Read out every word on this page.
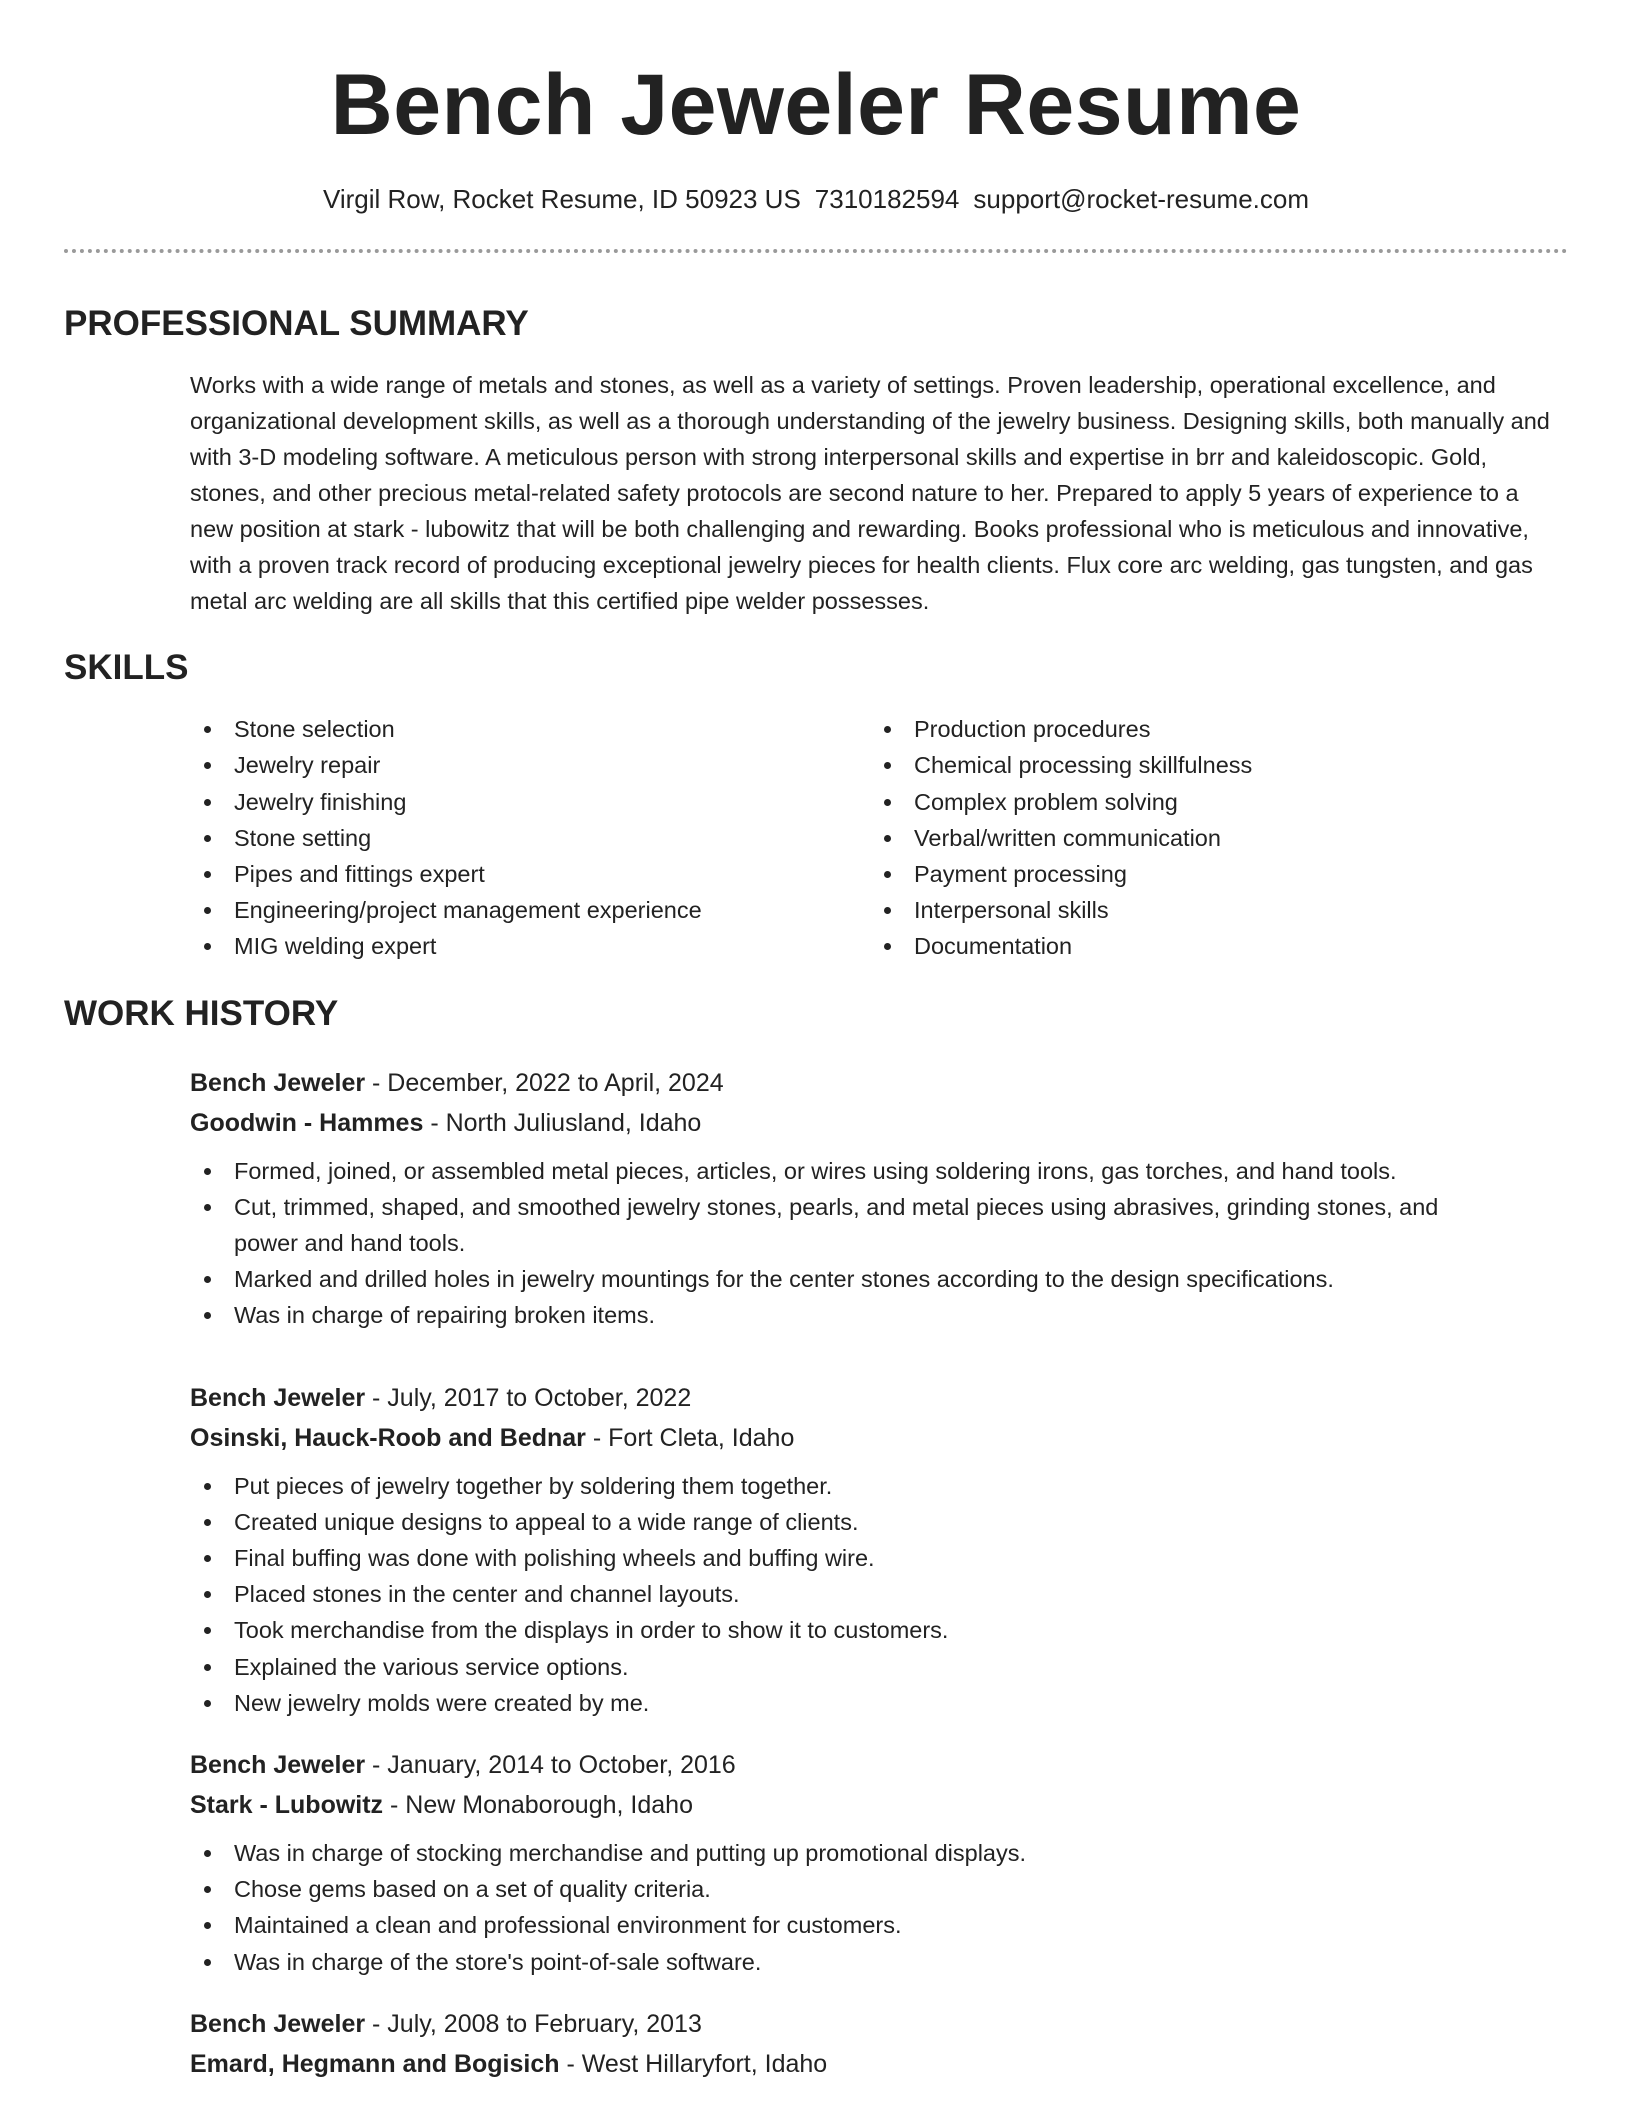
Bench Jeweler Resume
Virgil Row, Rocket Resume, ID 50923 US 7310182594 support@rocket-resume.com
PROFESSIONAL SUMMARY

Works with a wide range of metals and stones, as well as a variety of settings. Proven leadership, operational excellence, and organizational development skills, as well as a thorough understanding of the jewelry business. Designing skills, both manually and with 3-D modeling software. A meticulous person with strong interpersonal skills and expertise in brr and kaleidoscopic. Gold, stones, and other precious metal-related safety protocols are second nature to her. Prepared to apply 5 years of experience to a new position at stark - lubowitz that will be both challenging and rewarding. Books professional who is meticulous and innovative, with a proven track record of producing exceptional jewelry pieces for health clients. Flux core arc welding, gas tungsten, and gas metal arc welding are all skills that this certified pipe welder possesses.

SKILLS
Stone selection
Jewelry repair
Jewelry finishing
Stone setting
Pipes and fittings expert
Engineering/project management experience
MIG welding expert
Production procedures
Chemical processing skillfulness
Complex problem solving
Verbal/written communication
Payment processing
Interpersonal skills
Documentation
WORK HISTORY
Bench Jeweler - December, 2022 to April, 2024
Goodwin - Hammes - North Juliusland, Idaho
Formed, joined, or assembled metal pieces, articles, or wires using soldering irons, gas torches, and hand tools.
Cut, trimmed, shaped, and smoothed jewelry stones, pearls, and metal pieces using abrasives, grinding stones, and power and hand tools.
Marked and drilled holes in jewelry mountings for the center stones according to the design specifications.
Was in charge of repairing broken items.
Bench Jeweler - July, 2017 to October, 2022
Osinski, Hauck-Roob and Bednar - Fort Cleta, Idaho
Put pieces of jewelry together by soldering them together.
Created unique designs to appeal to a wide range of clients.
Final buffing was done with polishing wheels and buffing wire.
Placed stones in the center and channel layouts.
Took merchandise from the displays in order to show it to customers.
Explained the various service options.
New jewelry molds were created by me.
Bench Jeweler - January, 2014 to October, 2016
Stark - Lubowitz - New Monaborough, Idaho
Was in charge of stocking merchandise and putting up promotional displays.
Chose gems based on a set of quality criteria.
Maintained a clean and professional environment for customers.
Was in charge of the store's point-of-sale software.
Bench Jeweler - July, 2008 to February, 2013
Emard, Hegmann and Bogisich - West Hillaryfort, Idaho
